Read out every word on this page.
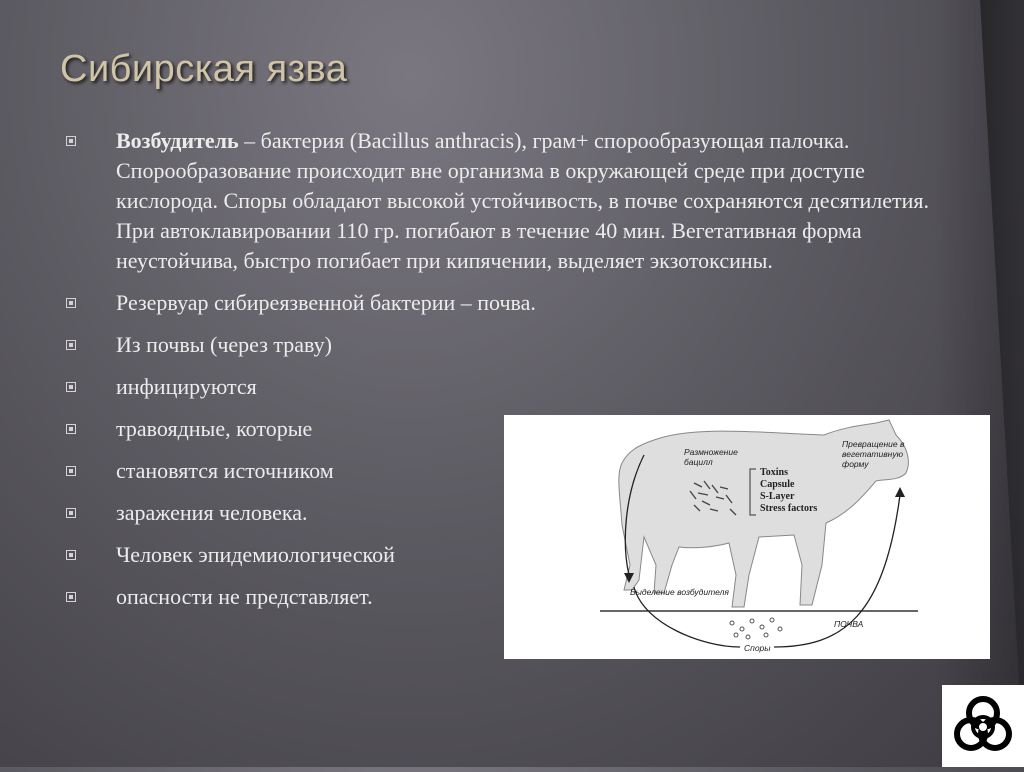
Сибирская язва
Возбудитель – бактерия (Bacillus anthracis), грам+ спорообразующая палочка. Спорообразование происходит вне организма в окружающей среде при доступе кислорода. Споры обладают высокой устойчивость, в почве сохраняются десятилетия. При автоклавировании 110 гр. погибают в течение 40 мин. Вегетативная форма неустойчива, быстро погибает при кипячении, выделяет экзотоксины.
Резервуар сибиреязвенной бактерии – почва.
Из почвы (через траву)
инфицируются
травоядные, которые
становятся источником
заражения человека.
Человек эпидемиологической
опасности не представляет.
Размножение
бацилл
Превращение в
вегетативную
форму
Toxins
Capsule
S-Layer
Stress factors
Выделение возбудителя
ПОЧВА
Споры
